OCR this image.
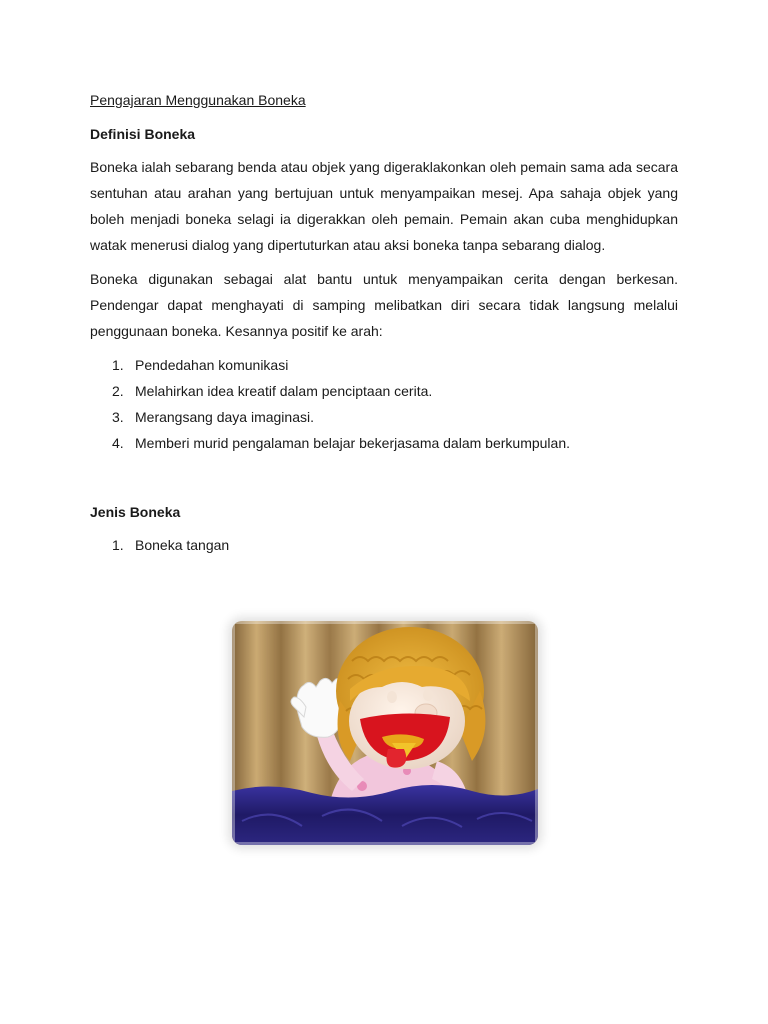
Pengajaran Menggunakan Boneka
Definisi Boneka

Boneka ialah sebarang benda atau objek yang digeraklakonkan oleh pemain sama ada secara sentuhan atau arahan yang bertujuan untuk menyampaikan mesej. Apa sahaja objek yang boleh menjadi boneka selagi ia digerakkan oleh pemain. Pemain akan cuba menghidupkan watak menerusi dialog yang dipertuturkan atau aksi boneka tanpa sebarang dialog.

Boneka digunakan sebagai alat bantu untuk menyampaikan cerita dengan berkesan. Pendengar dapat menghayati di samping melibatkan diri secara tidak langsung melalui penggunaan boneka. Kesannya positif ke arah:

1. Pendedahan komunikasi
2. Melahirkan idea kreatif dalam penciptaan cerita.
3. Merangsang daya imaginasi.
4. Memberi murid pengalaman belajar bekerjasama dalam berkumpulan.
Jenis Boneka
1. Boneka tangan
